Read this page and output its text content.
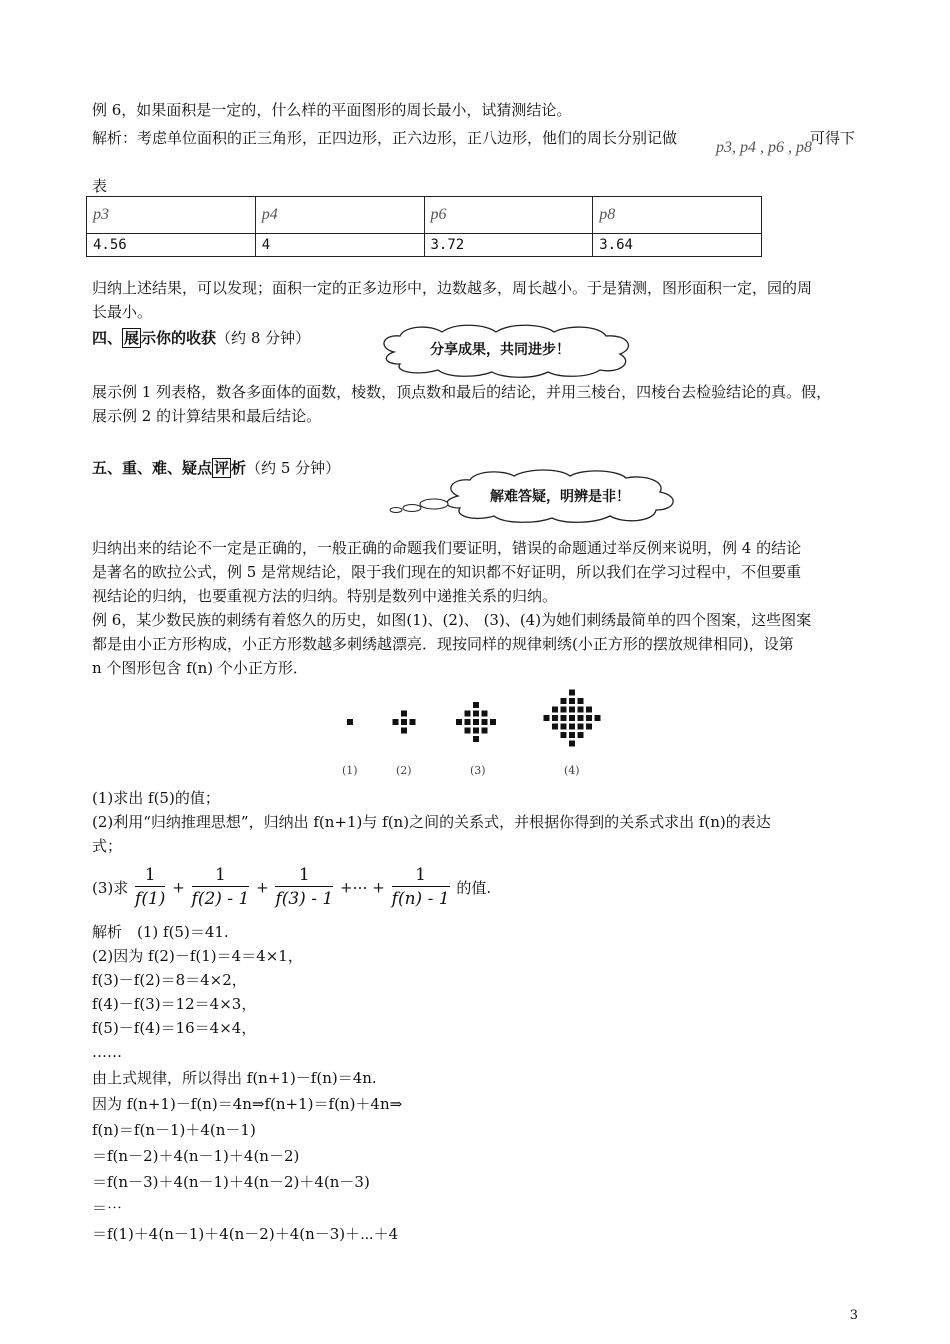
例 6，如果面积是一定的，什么样的平面图形的周长最小，试猜测结论。
解析：考虑单位面积的正三角形，正四边形，正六边形，正八边形，他们的周长分别记做
p3, p4 , p6 , p8
可得下
表
p3	p4	p6	p8
4.56	4	3.72	3.64
归纳上述结果，可以发现；面积一定的正多边形中，边数越多，周长越小。于是猜测，图形面积一定，园的周
长最小。
四、 展 示你的收获（约 8 分钟）
分享成果，共同进步！
展示例 1 列表格，数各多面体的面数，棱数，顶点数和最后的结论，并用三棱台，四棱台去检验结论的真。假，
展示例 2 的计算结果和最后结论。
五、重、难、疑点 评 析（约 5 分钟）
解难答疑，明辨是非！
归纳出来的结论不一定是正确的，一般正确的命题我们要证明，错误的命题通过举反例来说明，例 4 的结论
是著名的欧拉公式，例 5 是常规结论，限于我们现在的知识都不好证明，所以我们在学习过程中，不但要重
视结论的归纳，也要重视方法的归纳。特别是数列中递推关系的归纳。
例 6，某少数民族的刺绣有着悠久的历史，如图(1)、(2)、 (3)、(4)为她们刺绣最简单的四个图案，这些图案
都是由小正方形构成，小正方形数越多刺绣越漂亮．现按同样的规律刺绣(小正方形的摆放规律相同)，设第
n 个图形包含 f(n) 个小正方形．
(1)	(2)	(3)	(4)
(1)求出 f(5)的值；
(2)利用“归纳推理思想”，归纳出 f(n+1)与 f(n)之间的关系式，并根据你得到的关系式求出 f(n)的表达
式；
(3)求 $\frac{1}{f(1)} + \frac{1}{f(2) - 1} + \frac{1}{f(3) - 1}$ +⋯ + $\frac{1}{f(n) - 1}$ 的值.
解析　(1) f(5)＝41.
(2)因为 f(2)－f(1)＝4＝4×1，
f(3)－f(2)＝8＝4×2，
f(4)－f(3)＝12＝4×3，
f(5)－f(4)＝16＝4×4，
……
由上式规律，所以得出 f(n+1)－f(n)＝4n.
因为 f(n+1)－f(n)＝4n⇒f(n+1)＝f(n)＋4n⇒
f(n)＝f(n－1)＋4(n－1)
＝f(n－2)＋4(n－1)＋4(n－2)
＝f(n－3)＋4(n－1)＋4(n－2)＋4(n－3)
＝⋯
＝f(1)＋4(n－1)＋4(n－2)＋4(n－3)＋⋯＋4
3
